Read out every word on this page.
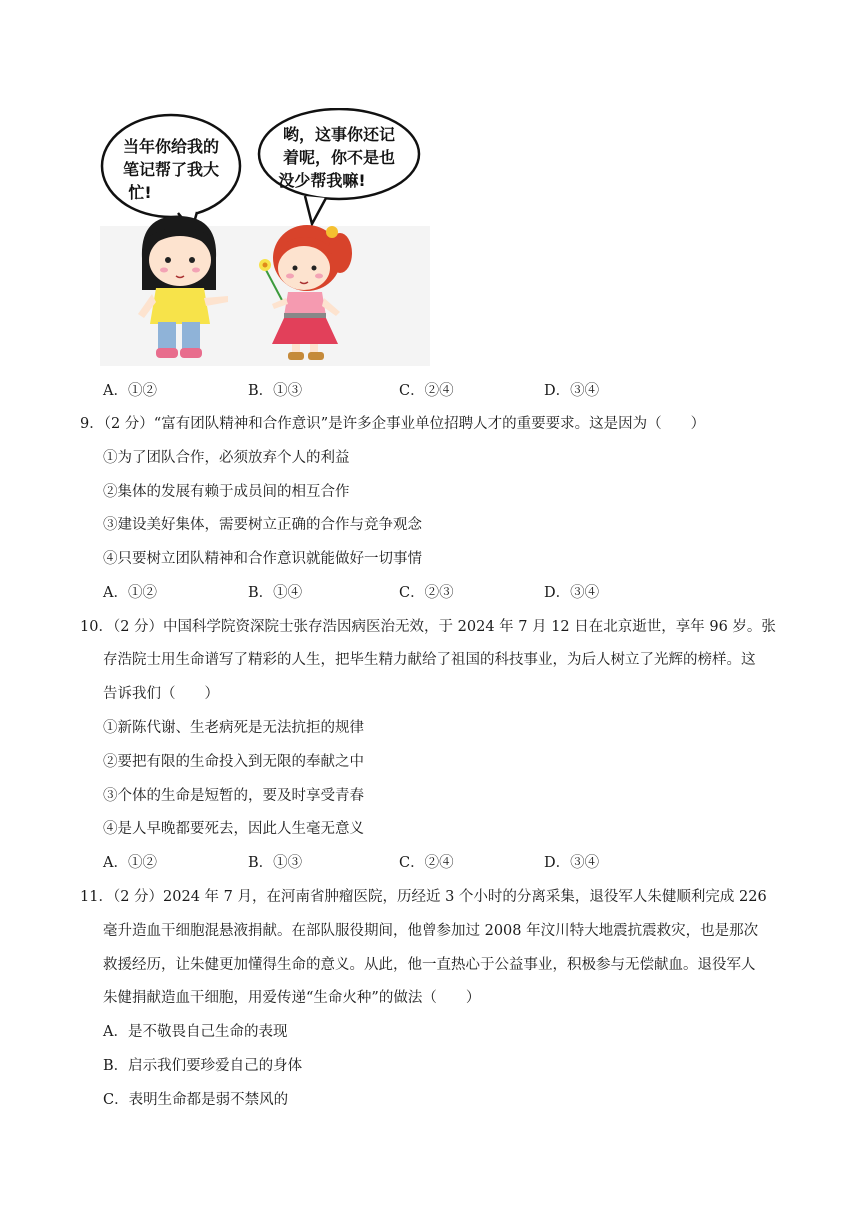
当年你给我的
笔记帮了我大
忙!
哟，这事你还记
着呢，你不是也
没少帮我嘛!
A．①②	B．①③	C．②④	D．③④
9．（2 分）“富有团队精神和合作意识”是许多企事业单位招聘人才的重要要求。这是因为（　　）
①为了团队合作，必须放弃个人的利益
②集体的发展有赖于成员间的相互合作
③建设美好集体，需要树立正确的合作与竞争观念
④只要树立团队精神和合作意识就能做好一切事情
A．①②	B．①④	C．②③	D．③④
10．（2 分）中国科学院资深院士张存浩因病医治无效，于 2024 年 7 月 12 日在北京逝世，享年 96 岁。张
存浩院士用生命谱写了精彩的人生，把毕生精力献给了祖国的科技事业，为后人树立了光辉的榜样。这
告诉我们（　　）
①新陈代谢、生老病死是无法抗拒的规律
②要把有限的生命投入到无限的奉献之中
③个体的生命是短暂的，要及时享受青春
④是人早晚都要死去，因此人生毫无意义
A．①②	B．①③	C．②④	D．③④
11．（2 分）2024 年 7 月，在河南省肿瘤医院，历经近 3 个小时的分离采集，退役军人朱健顺利完成 226
毫升造血干细胞混悬液捐献。在部队服役期间，他曾参加过 2008 年汶川特大地震抗震救灾，也是那次
救援经历，让朱健更加懂得生命的意义。从此，他一直热心于公益事业，积极参与无偿献血。退役军人
朱健捐献造血干细胞，用爱传递“生命火种”的做法（　　）
A．是不敬畏自己生命的表现
B．启示我们要珍爱自己的身体
C．表明生命都是弱不禁风的
